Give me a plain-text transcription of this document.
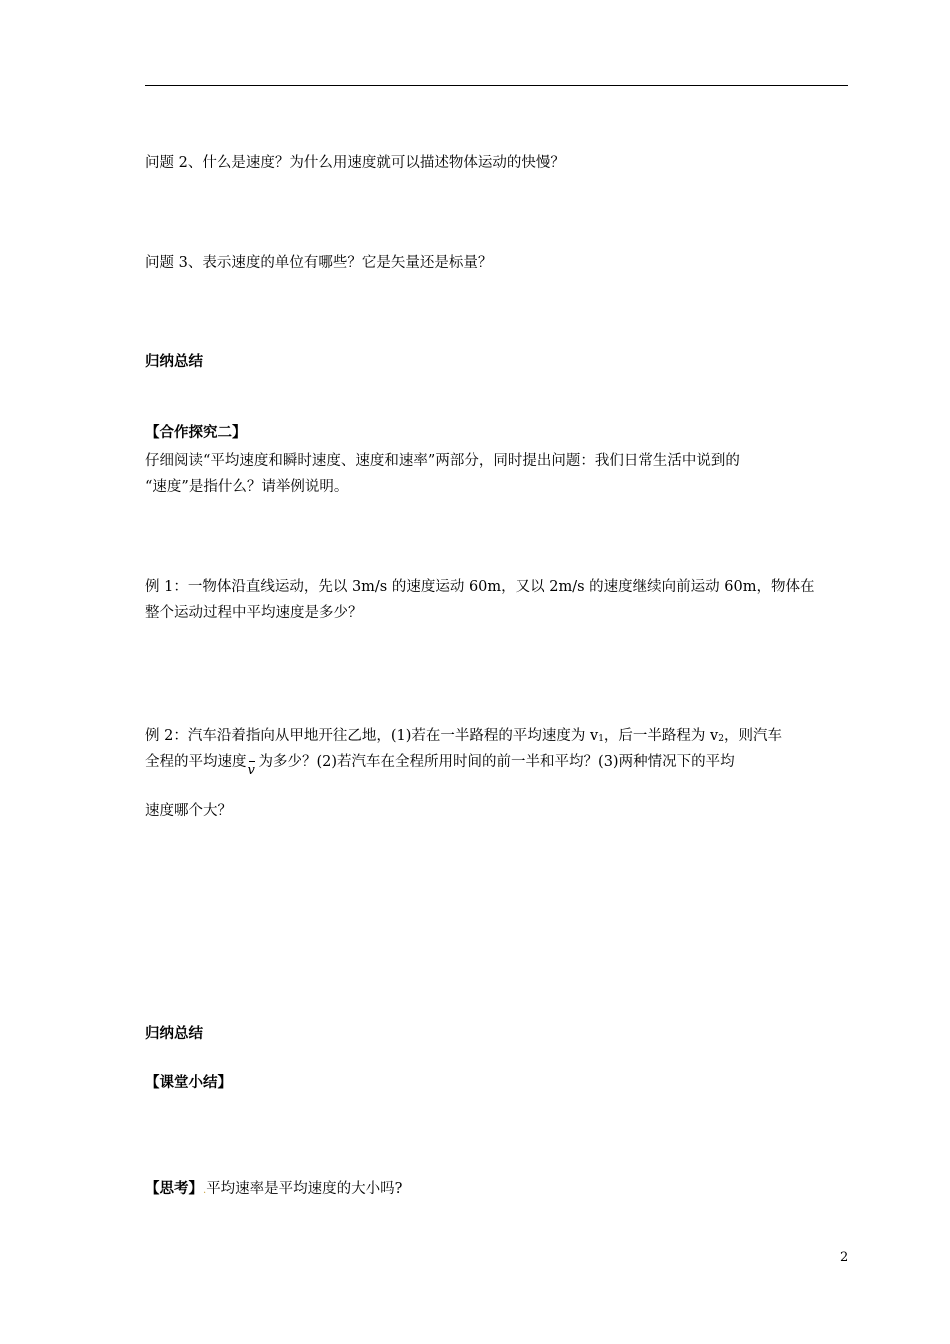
问题 2、什么是速度？为什么用速度就可以描述物体运动的快慢？
问题 3、表示速度的单位有哪些？它是矢量还是标量？
归纳总结
【合作探究二】
仔细阅读“平均速度和瞬时速度、速度和速率”两部分，同时提出问题：我们日常生活中说到的
“速度”是指什么？请举例说明。
例 1：一物体沿直线运动，先以 3m/s 的速度运动 60m，又以 2m/s 的速度继续向前运动 60m，物体在
整个运动过程中平均速度是多少？
例 2：汽车沿着指向从甲地开往乙地，(1)若在一半路程的平均速度为 $v_1$，后一半路程为 $v_2$，则汽车
全程的平均速度
v
为多少？(2)若汽车在全程所用时间的前一半和平均？(3)两种情况下的平均
速度哪个大？
归纳总结
【课堂小结】
【思考】.平均速率是平均速度的大小吗?
2
